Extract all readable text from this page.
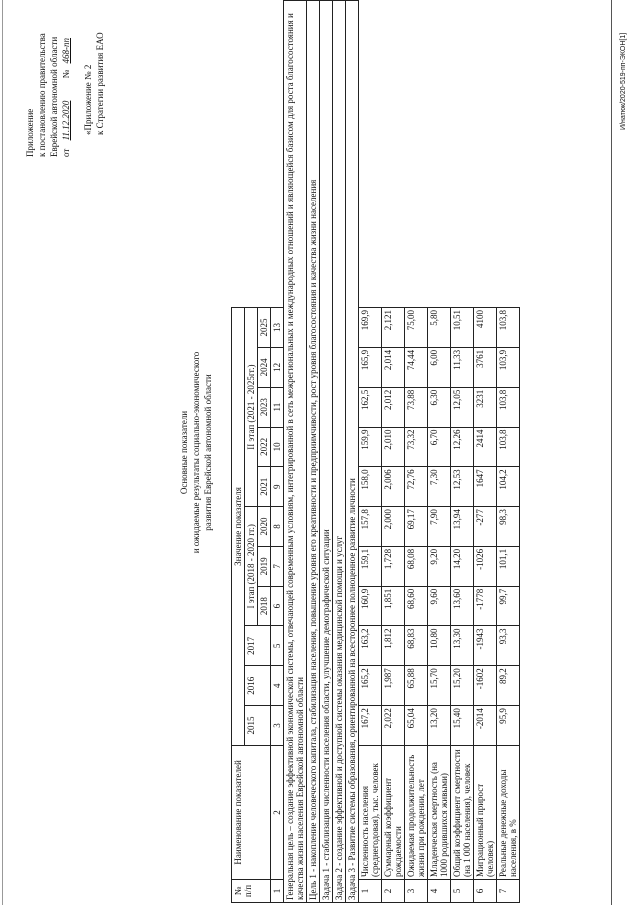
Приложение к постановлению правительства Еврейской автономной области от 11.12.2020 № 468-пп
«Приложение № 2 к Стратегии развития ЕАО
Основные показатели и ожидаемые результаты социально-экономического развития Еврейской автономной области
№ п/п	Наименование показателей	Значение показателя											
		2015	2016	2017	I этап (2018 - 2020 гг.)			II этап (2021 - 2025гг.)					
					2018	2019	2020	2021	2022	2023	2024	2025	
1	2	3	4	5	6	7	8	9	10	11	12	13	
Генеральная цель – создание эффективной экономической системы, отвечающей современным условиям, интегрированной в сеть межрегиональных и международных отношений и являющейся базисом для роста благосостояния и качества жизни населения Еврейской автономной области													
Цель 1 - накопление человеческого капитала, стабилизация населения, повышение уровня его креативности и предприимчивости, рост уровня благосостояния и качества жизни населения													
Задача 1 - стабилизация численности населения области, улучшение демографической ситуации													
Задача 2 - создание эффективной и доступной системы оказания медицинской помощи и услуг													
Задача 3 - Развитие системы образования, ориентированной на всестороннее полноценное развитие личности													
1	Численность населения (среднегодовая), тыс. человек	167,2	165,2	163,2	160,9	159,1	157,8	158,0	159,9	162,5	165,9	169,9	
2	Суммарный коэффициент рождаемости	2,022	1,987	1,812	1,851	1,728	2,000	2,006	2,010	2,012	2,014	2,121	
3	Ожидаемая продолжительность жизни при рождении, лет	65,04	65,88	68,83	68,60	68,08	69,17	72,76	73,32	73,88	74,44	75,00	
4	Младенческая смертность (на 1000 родившихся живыми)	13,20	15,70	10,80	9,60	9,20	7,90	7,30	6,70	6,30	6,00	5,80	
5	Общий коэффициент смертности (на 1 000 населения), человек	15,40	15,20	13,30	13,60	14,20	13,94	12,53	12,26	12,05	11,33	10,51	
6	Миграционный прирост (человек)	-2014	-1602	-1943	-1778	-1026	-277	1647	2414	3231	3761	4100	
7	Реальные денежные доходы населения, в %	95,9	89,2	93,3	99,7	101,1	98,3	104,2	103,8	103,8	103,9	103,8	
И/натюк/2020-519-пп-ЭКОН[1]
